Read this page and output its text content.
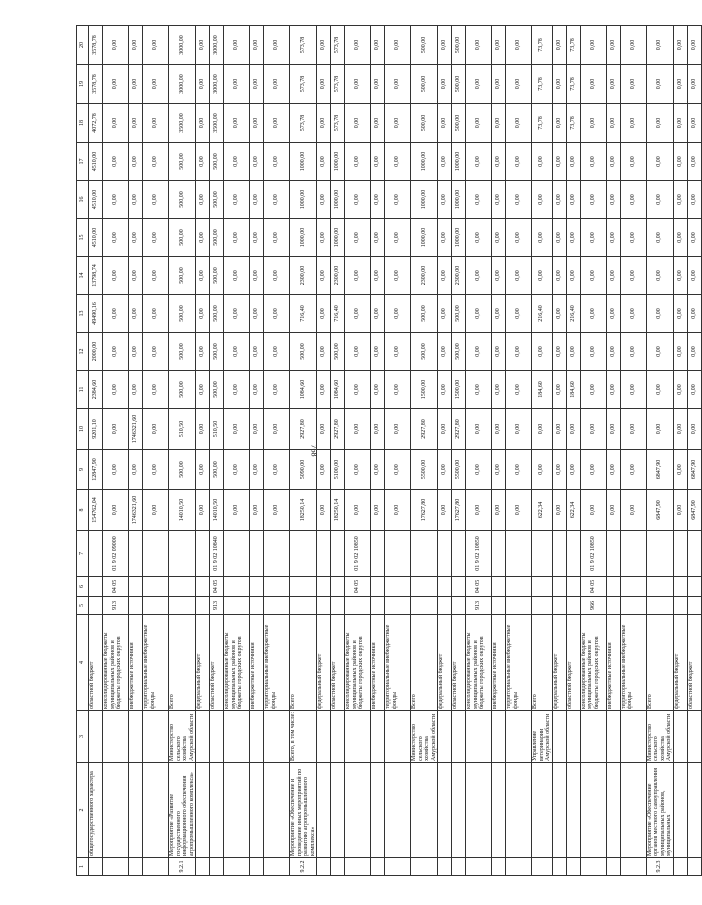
768
1	2	3	4	5	6	7	8	9	10	11	12	13	14	15	16	17	18	19	20
	общегосударственного характера		областной бюджет				154762,04	12847,90	9201,10	2384,60	2000,00	49490,16	13798,74	4510,00	4510,00	4510,00	4072,78	3578,78	3578,78
			консолидированные бюджеты муниципальных районов и бюджеты городских округов	913	04 05	01 9 02 09000	0,00	0,00	0,00	0,00	0,00	0,00	0,00	0,00	0,00	0,00	0,00	0,00	0,00
			внебюджетные источники				1746321,60	0,00	1746321,60	0,00	0,00	0,00	0,00	0,00	0,00	0,00	0,00	0,00	0,00
			территориальные внебюджетные фонды				0,00	0,00	0,00	0,00	0,00	0,00	0,00	0,00	0,00	0,00	0,00	0,00	0,00
9.2.1	Мероприятие «Развитие государственного информационного обеспечения агропромышленного комплекса»	Министерство сельского хозяйства Амурской области	Всего				14010,50	500,00	510,50	500,00	500,00	500,00	500,00	500,00	500,00	500,00	3500,00	3000,00	3000,00
			федеральный бюджет				0,00	0,00	0,00	0,00	0,00	0,00	0,00	0,00	0,00	0,00	0,00	0,00	0,00
			областной бюджет	913	04 05	01 9 02 10840	14010,50	500,00	510,50	500,00	500,00	500,00	500,00	500,00	500,00	500,00	3500,00	3000,00	3000,00
			консолидированные бюджеты муниципальных районов и бюджеты городских округов				0,00	0,00	0,00	0,00	0,00	0,00	0,00	0,00	0,00	0,00	0,00	0,00	0,00
			внебюджетные источники				0,00	0,00	0,00	0,00	0,00	0,00	0,00	0,00	0,00	0,00	0,00	0,00	0,00
			территориальные внебюджетные фонды				0,00	0,00	0,00	0,00	0,00	0,00	0,00	0,00	0,00	0,00	0,00	0,00	0,00
9.2.2	Мероприятие «Обеспечение и проведение иных мероприятий по развитию агропромышленного комплекса»	Всего, в том числе:	Всего				18250,14	5090,00	2927,80	1084,60	500,00	716,40	2300,00	1000,00	1000,00	1000,00	573,78	573,78	573,78
			федеральный бюджет				0,00	0,00	0,00	0,00	0,00	0,00	0,00	0,00	0,00	0,00	0,00	0,00	0,00
			областной бюджет				18250,14	5100,00	2927,80	1084,60	500,00	716,40	2300,00	1000,00	1000,00	1000,00	573,78	573,78	573,78
			консолидированные бюджеты муниципальных районов и бюджеты городских округов		04 05	01 9 02 10850	0,00	0,00	0,00	0,00	0,00	0,00	0,00	0,00	0,00	0,00	0,00	0,00	0,00
			внебюджетные источники				0,00	0,00	0,00	0,00	0,00	0,00	0,00	0,00	0,00	0,00	0,00	0,00	0,00
			территориальные внебюджетные фонды				0,00	0,00	0,00	0,00	0,00	0,00	0,00	0,00	0,00	0,00	0,00	0,00	0,00
		Министерство сельского хозяйства Амурской области	Всего				17627,80	5500,00	2927,80	1500,00	500,00	500,00	2300,00	1000,00	1000,00	1000,00	500,00	500,00	500,00
			федеральный бюджет				0,00	0,00	0,00	0,00	0,00	0,00	0,00	0,00	0,00	0,00	0,00	0,00	0,00
			областной бюджет				17627,80	5500,00	2927,80	1500,00	500,00	500,00	2300,00	1000,00	1000,00	1000,00	500,00	500,00	500,00
			консолидированные бюджеты муниципальных районов и бюджеты городских округов	913	04 05	01 9 02 10850	0,00	0,00	0,00	0,00	0,00	0,00	0,00	0,00	0,00	0,00	0,00	0,00	0,00
			внебюджетные источники				0,00	0,00	0,00	0,00	0,00	0,00	0,00	0,00	0,00	0,00	0,00	0,00	0,00
			территориальные внебюджетные фонды				0,00	0,00	0,00	0,00	0,00	0,00	0,00	0,00	0,00	0,00	0,00	0,00	0,00
		Управление ветеринарии Амурской области	Всего				622,34	0,00	0,00	184,60	0,00	216,40	0,00	0,00	0,00	0,00	73,78	73,78	73,78
			федеральный бюджет				0,00	0,00	0,00	0,00	0,00	0,00	0,00	0,00	0,00	0,00	0,00	0,00	0,00
			областной бюджет				622,34	0,00	0,00	184,60	0,00	216,40	0,00	0,00	0,00	0,00	73,78	73,78	73,78
			консолидированные бюджеты муниципальных районов и бюджеты городских округов	966	04 05	01 9 02 10850	0,00	0,00	0,00	0,00	0,00	0,00	0,00	0,00	0,00	0,00	0,00	0,00	0,00
			внебюджетные источники				0,00	0,00	0,00	0,00	0,00	0,00	0,00	0,00	0,00	0,00	0,00	0,00	0,00
			территориальные внебюджетные фонды				0,00	0,00	0,00	0,00	0,00	0,00	0,00	0,00	0,00	0,00	0,00	0,00	0,00
9.2.3	Мероприятие «Обеспечение органов местного самоуправления муниципальных районов, муниципальных	Министерство сельского хозяйства Амурской области	Всего				6847,90	6847,90	0,00	0,00	0,00	0,00	0,00	0,00	0,00	0,00	0,00	0,00	0,00
			федеральный бюджет				0,00	0,00	0,00	0,00	0,00	0,00	0,00	0,00	0,00	0,00	0,00	0,00	0,00
			областной бюджет				6847,90	6847,90	0,00	0,00	0,00	0,00	0,00	0,00	0,00	0,00	0,00	0,00	0,00
